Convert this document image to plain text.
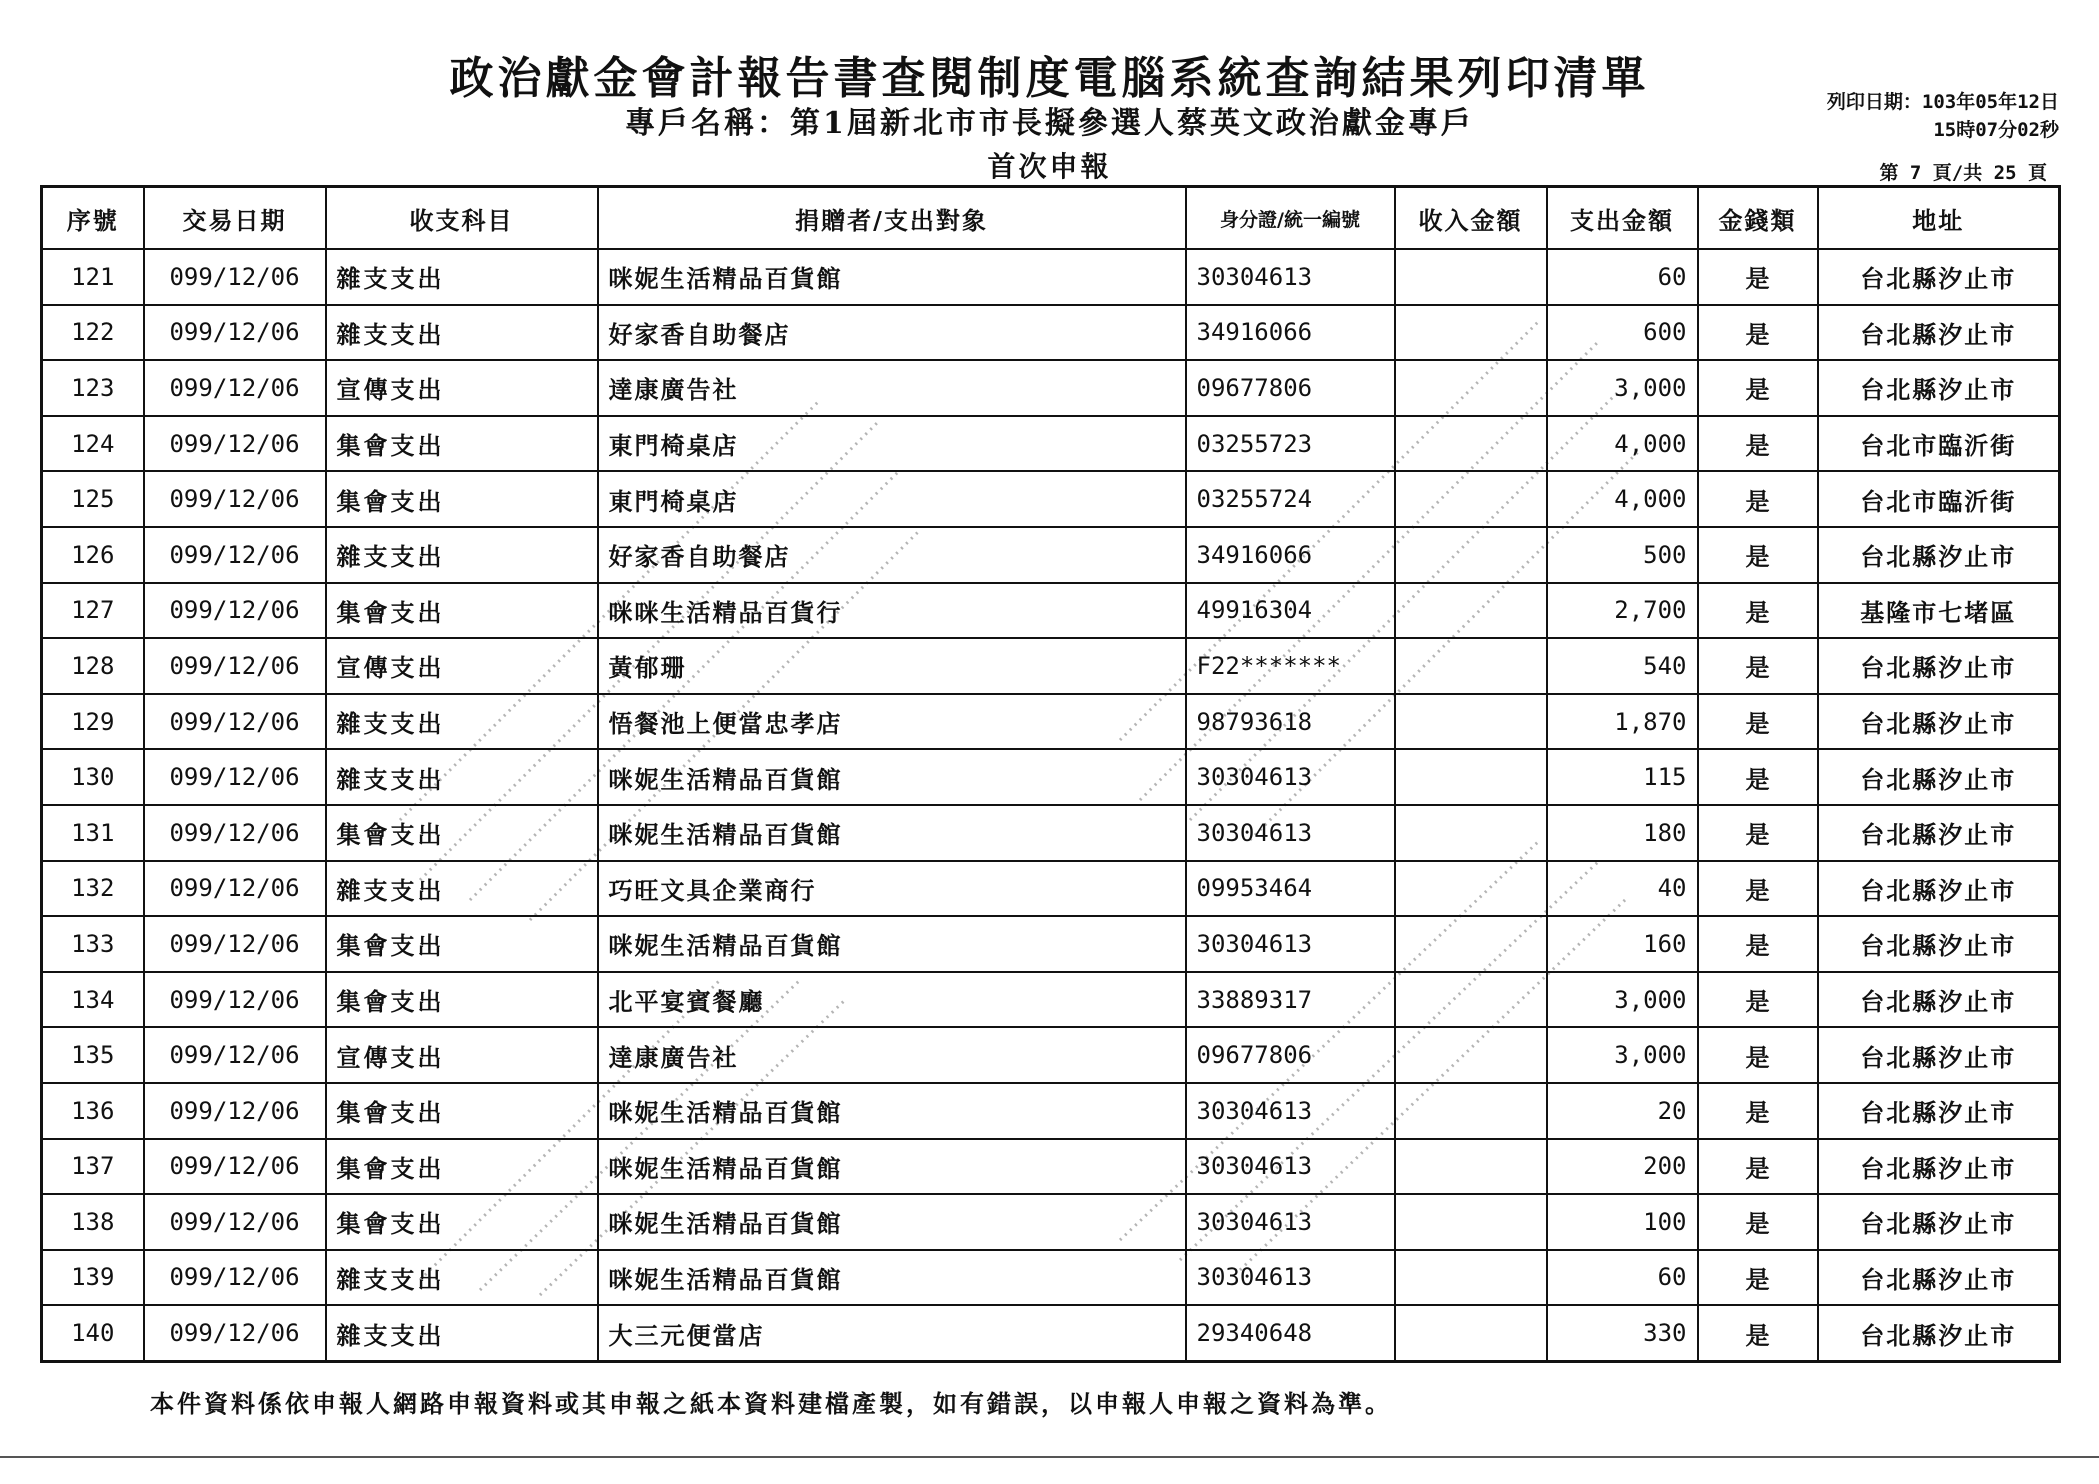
政治獻金會計報告書查閱制度電腦系統查詢結果列印清單
專戶名稱：第1屆新北市市長擬參選人蔡英文政治獻金專戶
首次申報
列印日期：103年05年12日
15時07分02秒
第 7 頁/共 25 頁
序號	交易日期	收支科目	捐贈者/支出對象	身分證/統一編號	收入金額	支出金額	金錢類	地址
121	099/12/06	雜支支出	咪妮生活精品百貨館	30304613		60	是	台北縣汐止市
122	099/12/06	雜支支出	好家香自助餐店	34916066		600	是	台北縣汐止市
123	099/12/06	宣傳支出	達康廣告社	09677806		3,000	是	台北縣汐止市
124	099/12/06	集會支出	東門椅桌店	03255723		4,000	是	台北市臨沂街
125	099/12/06	集會支出	東門椅桌店	03255724		4,000	是	台北市臨沂街
126	099/12/06	雜支支出	好家香自助餐店	34916066		500	是	台北縣汐止市
127	099/12/06	集會支出	咪咪生活精品百貨行	49916304		2,700	是	基隆市七堵區
128	099/12/06	宣傳支出	黃郁珊	F22*******		540	是	台北縣汐止市
129	099/12/06	雜支支出	悟餐池上便當忠孝店	98793618		1,870	是	台北縣汐止市
130	099/12/06	雜支支出	咪妮生活精品百貨館	30304613		115	是	台北縣汐止市
131	099/12/06	集會支出	咪妮生活精品百貨館	30304613		180	是	台北縣汐止市
132	099/12/06	雜支支出	巧旺文具企業商行	09953464		40	是	台北縣汐止市
133	099/12/06	集會支出	咪妮生活精品百貨館	30304613		160	是	台北縣汐止市
134	099/12/06	集會支出	北平宴賓餐廳	33889317		3,000	是	台北縣汐止市
135	099/12/06	宣傳支出	達康廣告社	09677806		3,000	是	台北縣汐止市
136	099/12/06	集會支出	咪妮生活精品百貨館	30304613		20	是	台北縣汐止市
137	099/12/06	集會支出	咪妮生活精品百貨館	30304613		200	是	台北縣汐止市
138	099/12/06	集會支出	咪妮生活精品百貨館	30304613		100	是	台北縣汐止市
139	099/12/06	雜支支出	咪妮生活精品百貨館	30304613		60	是	台北縣汐止市
140	099/12/06	雜支支出	大三元便當店	29340648		330	是	台北縣汐止市
本件資料係依申報人網路申報資料或其申報之紙本資料建檔產製，如有錯誤，以申報人申報之資料為準。
